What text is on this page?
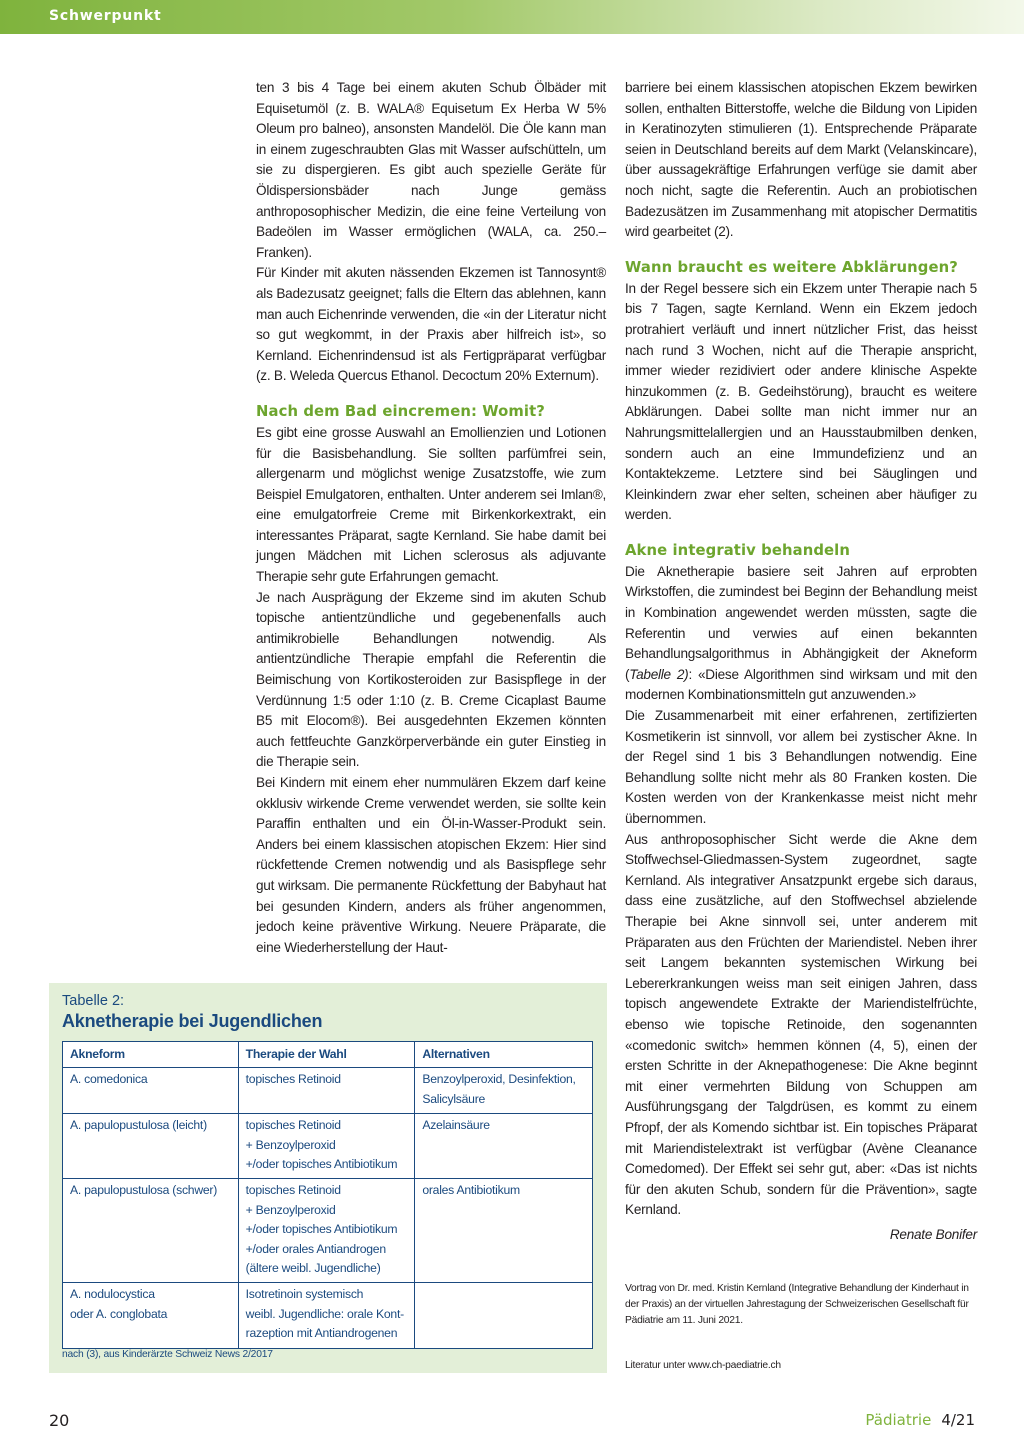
Schwerpunkt

ten 3 bis 4 Tage bei einem akuten Schub Ölbäder mit Equisetumöl (z. B. WALA® Equisetum Ex Herba W 5% Oleum pro balneo), ansonsten Mandelöl. Die Öle kann man in einem zugeschraubten Glas mit Wasser aufschütteln, um sie zu dispergieren. Es gibt auch spezielle Geräte für Öldispersionsbäder nach Junge gemäss anthroposophischer Medizin, die eine feine Verteilung von Badeölen im Wasser ermöglichen (WALA, ca. 250.– Franken).

Für Kinder mit akuten nässenden Ekzemen ist Tannosynt® als Badezusatz geeignet; falls die Eltern das ablehnen, kann man auch Eichenrinde verwenden, die «in der Literatur nicht so gut wegkommt, in der Praxis aber hilfreich ist», so Kernland. Eichenrindensud ist als Fertigpräparat verfügbar (z. B. Weleda Quercus Ethanol. Decoctum 20% Externum).

Nach dem Bad eincremen: Womit?

Es gibt eine grosse Auswahl an Emollienzien und Lotionen für die Basisbehandlung. Sie sollten parfümfrei sein, allergenarm und möglichst wenige Zusatzstoffe, wie zum Beispiel Emulgatoren, enthalten. Unter anderem sei Imlan®, eine emulgatorfreie Creme mit Birkenkorkextrakt, ein interessantes Präparat, sagte Kernland. Sie habe damit bei jungen Mädchen mit Lichen sclerosus als adjuvante Therapie sehr gute Erfahrungen gemacht.

Je nach Ausprägung der Ekzeme sind im akuten Schub topische antientzündliche und gegebenenfalls auch antimikrobielle Behandlungen notwendig. Als antientzündliche Therapie empfahl die Referentin die Beimischung von Kortikosteroiden zur Basispflege in der Verdünnung 1:5 oder 1:10 (z. B. Creme Cicaplast Baume B5 mit Elocom®). Bei ausgedehnten Ekzemen könnten auch fettfeuchte Ganzkörperverbände ein guter Einstieg in die Therapie sein.

Bei Kindern mit einem eher nummulären Ekzem darf keine okklusiv wirkende Creme verwendet werden, sie sollte kein Paraffin enthalten und ein Öl-in-Wasser-Produkt sein. Anders bei einem klassischen atopischen Ekzem: Hier sind rückfettende Cremen notwendig und als Basispflege sehr gut wirksam. Die permanente Rückfettung der Babyhaut hat bei gesunden Kindern, anders als früher angenommen, jedoch keine präventive Wirkung. Neuere Präparate, die eine Wiederherstellung der Haut-

barriere bei einem klassischen atopischen Ekzem bewirken sollen, enthalten Bitterstoffe, welche die Bildung von Lipiden in Keratinozyten stimulieren (1). Entsprechende Präparate seien in Deutschland bereits auf dem Markt (Velanskincare), über aussagekräftige Erfahrungen verfüge sie damit aber noch nicht, sagte die Referentin. Auch an probiotischen Badezusätzen im Zusammenhang mit atopischer Dermatitis wird gearbeitet (2).

Wann braucht es weitere Abklärungen?

In der Regel bessere sich ein Ekzem unter Therapie nach 5 bis 7 Tagen, sagte Kernland. Wenn ein Ekzem jedoch protrahiert verläuft und innert nützlicher Frist, das heisst nach rund 3 Wochen, nicht auf die Therapie anspricht, immer wieder rezidiviert oder andere klinische Aspekte hinzukommen (z. B. Gedeihstörung), braucht es weitere Abklärungen. Dabei sollte man nicht immer nur an Nahrungsmittelallergien und an Hausstaubmilben denken, sondern auch an eine Immundefizienz und an Kontaktekzeme. Letztere sind bei Säuglingen und Kleinkindern zwar eher selten, scheinen aber häufiger zu werden.

Akne integrativ behandeln

Die Aknetherapie basiere seit Jahren auf erprobten Wirkstoffen, die zumindest bei Beginn der Behandlung meist in Kombination angewendet werden müssten, sagte die Referentin und verwies auf einen bekannten Behandlungsalgorithmus in Abhängigkeit der Akneform (Tabelle 2): «Diese Algorithmen sind wirksam und mit den modernen Kombinationsmitteln gut anzuwenden.»

Die Zusammenarbeit mit einer erfahrenen, zertifizierten Kosmetikerin ist sinnvoll, vor allem bei zystischer Akne. In der Regel sind 1 bis 3 Behandlungen notwendig. Eine Behandlung sollte nicht mehr als 80 Franken kosten. Die Kosten werden von der Krankenkasse meist nicht mehr übernommen.

Aus anthroposophischer Sicht werde die Akne dem Stoffwechsel-Gliedmassen-System zugeordnet, sagte Kernland. Als integrativer Ansatzpunkt ergebe sich daraus, dass eine zusätzliche, auf den Stoffwechsel abzielende Therapie bei Akne sinnvoll sei, unter anderem mit Präparaten aus den Früchten der Mariendistel. Neben ihrer seit Langem bekannten systemischen Wirkung bei Lebererkrankungen weiss man seit einigen Jahren, dass topisch angewendete Extrakte der Mariendistelfrüchte, ebenso wie topische Retinoide, den sogenannten «comedonic switch» hemmen können (4, 5), einen der ersten Schritte in der Aknepathogenese: Die Akne beginnt mit einer vermehrten Bildung von Schuppen am Ausführungsgang der Talgdrüsen, es kommt zu einem Pfropf, der als Komendo sichtbar ist. Ein topisches Präparat mit Mariendistelextrakt ist verfügbar (Avène Cleanance Comedomed). Der Effekt sei sehr gut, aber: «Das ist nichts für den akuten Schub, sondern für die Prävention», sagte Kernland.

Renate Bonifer

Vortrag von Dr. med. Kristin Kernland (Integrative Behandlung der Kinderhaut in der Praxis) an der virtuellen Jahrestagung der Schweizerischen Gesellschaft für Pädiatrie am 11. Juni 2021.
Literatur unter www.ch-paediatrie.ch
Tabelle 2:
Aknetherapie bei Jugendlichen
Akneform	Therapie der Wahl	Alternativen

A. comedonica	topisches Retinoid	Benzoylperoxid, Desinfektion,
Salicylsäure

A. papulopustulosa (leicht)	topisches Retinoid
+ Benzoylperoxid
+/oder topisches Antibiotikum	Azelainsäure

A. papulopustulosa (schwer)	topisches Retinoid
+ Benzoylperoxid
+/oder topisches Antibiotikum
+/oder orales Antiandrogen
(ältere weibl. Jugendliche)	orales Antibiotikum

A. nodulocystica
oder A. conglobata	Isotretinoin systemisch
weibl. Jugendliche: orale Kont-
razeption mit Antiandrogenen	

nach (3), aus Kinderärzte Schweiz News 2/2017
20	Pädiatrie 4/21
